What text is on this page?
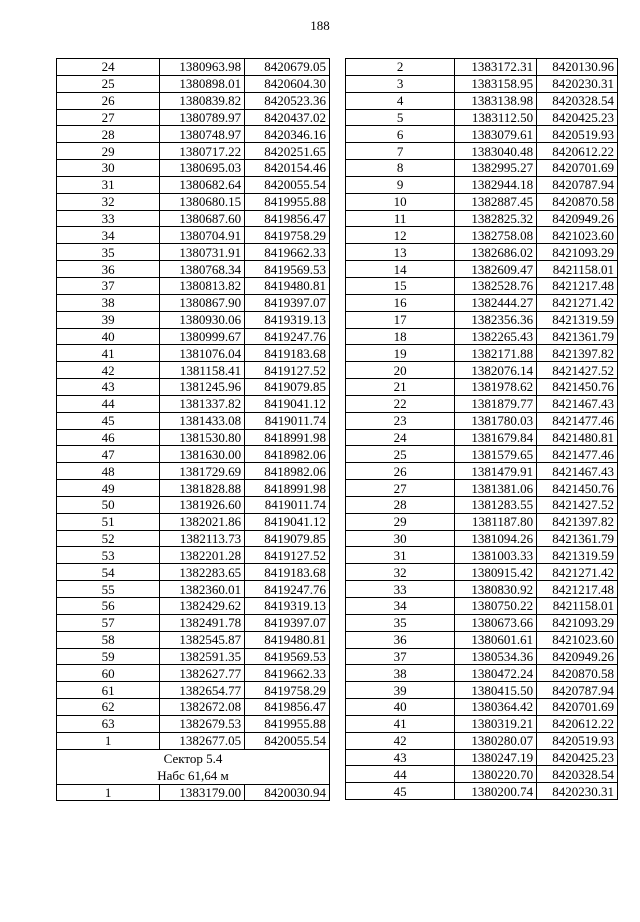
188
24	1380963.98	8420679.05
25	1380898.01	8420604.30
26	1380839.82	8420523.36
27	1380789.97	8420437.02
28	1380748.97	8420346.16
29	1380717.22	8420251.65
30	1380695.03	8420154.46
31	1380682.64	8420055.54
32	1380680.15	8419955.88
33	1380687.60	8419856.47
34	1380704.91	8419758.29
35	1380731.91	8419662.33
36	1380768.34	8419569.53
37	1380813.82	8419480.81
38	1380867.90	8419397.07
39	1380930.06	8419319.13
40	1380999.67	8419247.76
41	1381076.04	8419183.68
42	1381158.41	8419127.52
43	1381245.96	8419079.85
44	1381337.82	8419041.12
45	1381433.08	8419011.74
46	1381530.80	8418991.98
47	1381630.00	8418982.06
48	1381729.69	8418982.06
49	1381828.88	8418991.98
50	1381926.60	8419011.74
51	1382021.86	8419041.12
52	1382113.73	8419079.85
53	1382201.28	8419127.52
54	1382283.65	8419183.68
55	1382360.01	8419247.76
56	1382429.62	8419319.13
57	1382491.78	8419397.07
58	1382545.87	8419480.81
59	1382591.35	8419569.53
60	1382627.77	8419662.33
61	1382654.77	8419758.29
62	1382672.08	8419856.47
63	1382679.53	8419955.88
1	1382677.05	8420055.54

Сектор 5.4
Набс 61,64 м		

1	1383179.00	8420030.94
2	1383172.31	8420130.96
3	1383158.95	8420230.31
4	1383138.98	8420328.54
5	1383112.50	8420425.23
6	1383079.61	8420519.93
7	1383040.48	8420612.22
8	1382995.27	8420701.69
9	1382944.18	8420787.94
10	1382887.45	8420870.58
11	1382825.32	8420949.26
12	1382758.08	8421023.60
13	1382686.02	8421093.29
14	1382609.47	8421158.01
15	1382528.76	8421217.48
16	1382444.27	8421271.42
17	1382356.36	8421319.59
18	1382265.43	8421361.79
19	1382171.88	8421397.82
20	1382076.14	8421427.52
21	1381978.62	8421450.76
22	1381879.77	8421467.43
23	1381780.03	8421477.46
24	1381679.84	8421480.81
25	1381579.65	8421477.46
26	1381479.91	8421467.43
27	1381381.06	8421450.76
28	1381283.55	8421427.52
29	1381187.80	8421397.82
30	1381094.26	8421361.79
31	1381003.33	8421319.59
32	1380915.42	8421271.42
33	1380830.92	8421217.48
34	1380750.22	8421158.01
35	1380673.66	8421093.29
36	1380601.61	8421023.60
37	1380534.36	8420949.26
38	1380472.24	8420870.58
39	1380415.50	8420787.94
40	1380364.42	8420701.69
41	1380319.21	8420612.22
42	1380280.07	8420519.93
43	1380247.19	8420425.23
44	1380220.70	8420328.54
45	1380200.74	8420230.31
